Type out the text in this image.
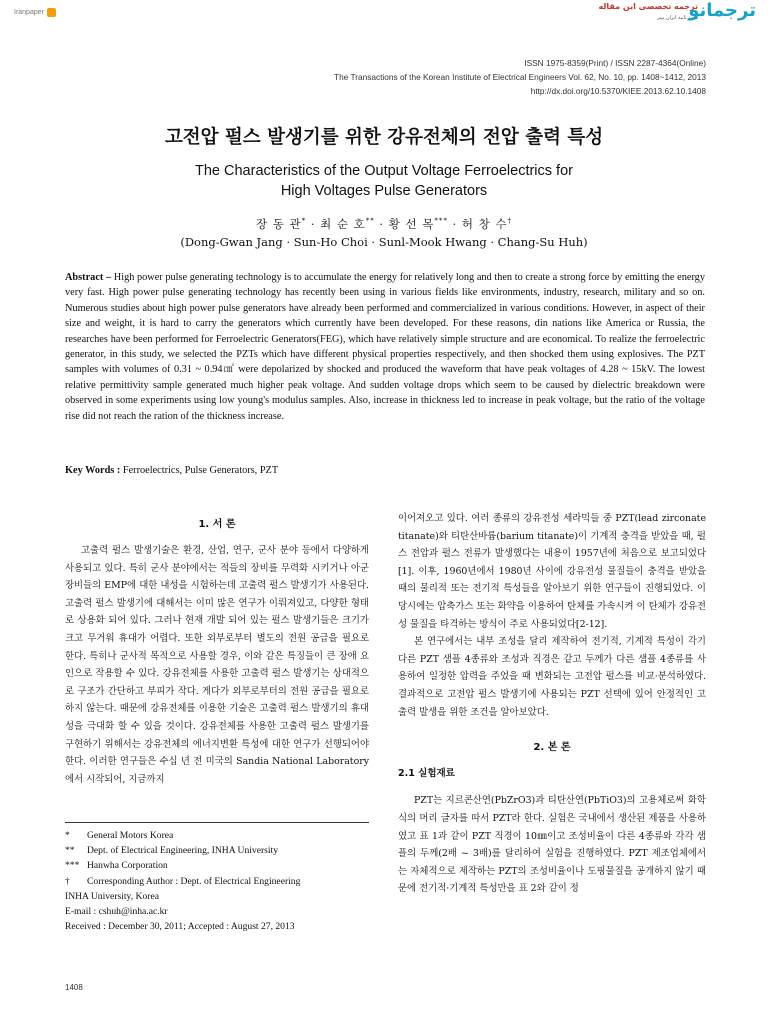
Iranpaper
ترجمه تخصصی این مقاله
مورد تایید ایران پیپر
ترجمانو
ISSN 1975-8359(Print) / ISSN 2287-4364(Online)
The Transactions of the Korean Institute of Electrical Engineers Vol. 62, No. 10, pp. 1408~1412, 2013
http://dx.doi.org/10.5370/KIEE.2013.62.10.1408
고전압 펄스 발생기를 위한 강유전체의 전압 출력 특성
The Characteristics of the Output Voltage Ferroelectrics for
High Voltages Pulse Generators
장 동 관* · 최 순 호** · 황 선 목*** · 허 창 수†
(Dong-Gwan Jang · Sun-Ho Choi · Sunl-Mook Hwang · Chang-Su Huh)
Abstract – High power pulse generating technology is to accumulate the energy for relatively long and then to create a strong force by emitting the energy very fast. High power pulse generating technology has recently been using in various fields like environments, industry, research, military and so on. Numerous studies about high power pulse generators have already been performed and commercialized in various conditions. However, in aspect of their size and weight, it is hard to carry the generators which currently have been developed. For these reasons, din nations like America or Russia, the researches have been performed for Ferroelectric Generators(FEG), which have relatively simple structure and are economical. To realize the ferroelectric generator, in this study, we selected the PZTs which have different physical properties respectively, and then shocked them using explosives. The PZT samples with volumes of 0.31 ~ 0.94㎤ were depolarized by shocked and produced the waveform that have peak voltages of 4.28 ~ 15kV. The lowest relative permittivity sample generated much higher peak voltage. And sudden voltage drops which seem to be caused by dielectric breakdown were observed in some experiments using low young's modulus samples. Also, increase in thickness led to increase in peak voltage, but the ratio of the voltage rise did not reach the ration of the thickness increase.
Key Words : Ferroelectrics, Pulse Generators, PZT
1. 서 론

고출력 펄스 발생기술은 환경, 산업, 연구, 군사 분야 등에서 다양하게 사용되고 있다. 특히 군사 분야에서는 적들의 장비를 무력화 시키거나 아군 장비들의 EMP에 대한 내성을 시험하는데 고출력 펄스 발생기가 사용된다. 고출력 펄스 발생기에 대해서는 이미 많은 연구가 이뤄져있고, 다양한 형태로 상용화 되어 있다. 그러나 현재 개발 되어 있는 펄스 발생기들은 크기가 크고 무거워 휴대가 어렵다. 또한 외부로부터 별도의 전원 공급을 필요로 한다. 특히나 군사적 목적으로 사용할 경우, 이와 같은 특징들이 큰 장애 요인으로 작용할 수 있다. 강유전체를 사용한 고출력 펄스 발생기는 상대적으로 구조가 간단하고 부피가 작다. 게다가 외부로부터의 전원 공급을 필요로 하지 않는다. 때문에 강유전체를 이용한 기술은 고출력 펄스 발생기의 휴대성을 극대화 할 수 있을 것이다. 강유전체를 사용한 고출력 펄스 발생기를 구현하기 위해서는 강유전체의 에너지변환 특성에 대한 연구가 선행되어야 한다. 이러한 연구들은 수십 년 전 미국의 Sandia National Laboratory에서 시작되어, 지금까지

이어져오고 있다. 여러 종류의 강유전성 세라믹들 중 PZT(lead zirconate titanate)와 티탄산바륨(barium titanate)이 기계적 충격을 받았을 때, 펄스 전압과 펄스 전류가 발생했다는 내용이 1957년에 처음으로 보고되었다[1]. 이후, 1960년에서 1980년 사이에 강유전성 물질들이 충격을 받았을 때의 물리적 또는 전기적 특성들을 알아보기 위한 연구들이 진행되었다. 이 당시에는 압축가스 또는 화약을 이용하여 탄체를 가속시켜 이 탄체가 강유전성 물질을 타격하는 방식이 주로 사용되었다[2-12].

본 연구에서는 내부 조성을 달리 제작하여 전기적, 기계적 특성이 각기 다른 PZT 샘플 4종류와 조성과 직경은 같고 두께가 다른 샘플 4종류를 사용하여 일정한 압력을 주었을 때 변화되는 고전압 펄스를 비교·분석하였다. 결과적으로 고전압 펄스 발생기에 사용되는 PZT 선택에 있어 안정적인 고출력 발생을 위한 조건을 알아보았다.

2. 본 론
2.1 실험재료

PZT는 지르콘산연(PbZrO3)과 티탄산연(PbTiO3)의 고용체로써 화학식의 머리 글자를 따서 PZT라 한다. 실험은 국내에서 생산된 제품을 사용하였고 표 1과 같이 PZT 직경이 10㎜이고 조성비율이 다른 4종류와 각각 샘플의 두께(2배 ~ 3배)를 달리하여 실험을 진행하였다. PZT 제조업체에서는 자체적으로 제작하는 PZT의 조성비율이나 도핑물질을 공개하지 않기 때문에 전기적·기계적 특성만을 표 2와 같이 정

*	General Motors Korea
**	Dept. of Electrical Engineering, INHA University
*** Hanwha Corporation
†	Corresponding Author : Dept. of Electrical Engineering
INHA University, Korea
E-mail : cshuh@inha.ac.kr
Received : December 30, 2011; Accepted : August 27, 2013
1408
